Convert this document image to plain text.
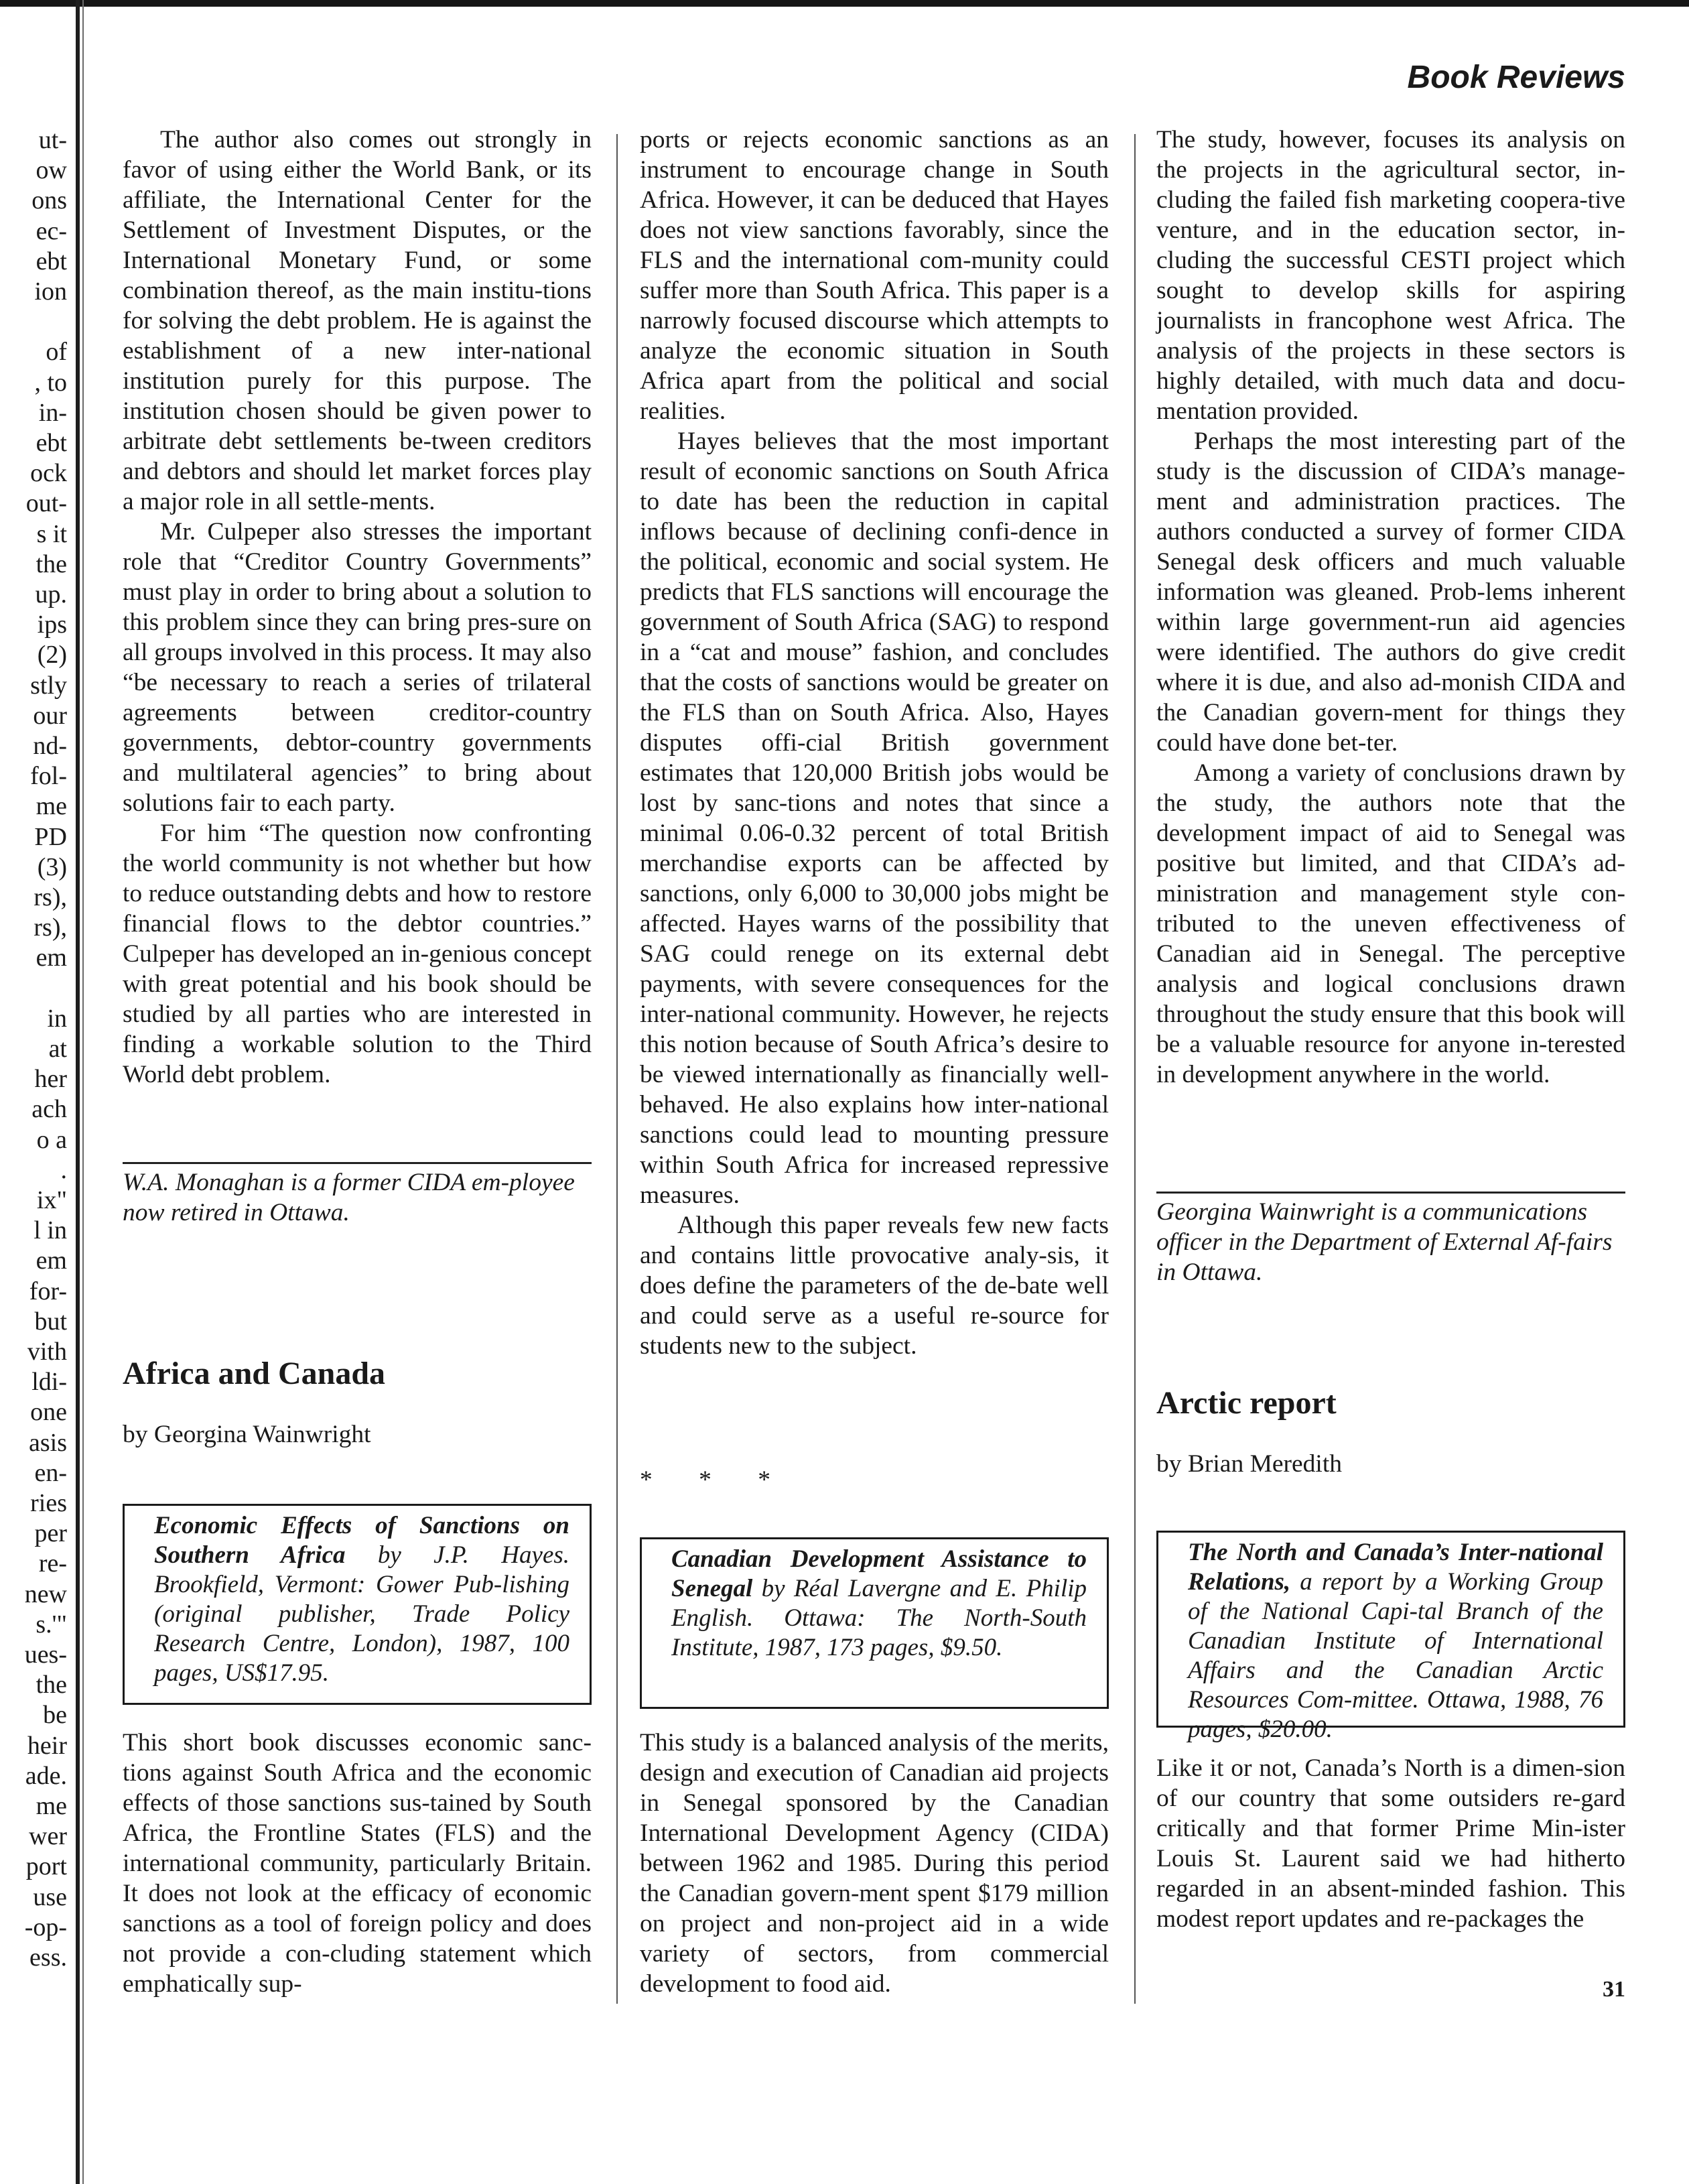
ut-

ow

ons

ec-

ebt

ion

of

, to

in-

ebt

ock

out-

s it

the

up.

ips

(2)

stly

our

nd-

fol-

me

PD

(3)

rs),

rs),

em

in

at

her

ach

o a

.

ix"

l in

em

for-

but

vith

ldi-

one

asis

en-

ries

per

re-

new

s.'"

ues-

the

be

heir

ade.

me

wer

port

use

-op-

ess.

Book Reviews

The author also comes out strongly in favor of using either the World Bank, or its affiliate, the International Center for the Settlement of Investment Disputes, or the International Monetary Fund, or some combination thereof, as the main institu-tions for solving the debt problem. He is against the establishment of a new inter-national institution purely for this purpose. The institution chosen should be given power to arbitrate debt settlements be-tween creditors and debtors and should let market forces play a major role in all settle-ments.

Mr. Culpeper also stresses the important role that “Creditor Country Governments” must play in order to bring about a solution to this problem since they can bring pres-sure on all groups involved in this process. It may also “be necessary to reach a series of trilateral agreements between creditor-country governments, debtor-country governments and multilateral agencies” to bring about solutions fair to each party.

For him “The question now confronting the world community is not whether but how to reduce outstanding debts and how to restore financial flows to the debtor countries.” Culpeper has developed an in-genious concept with great potential and his book should be studied by all parties who are interested in finding a workable solution to the Third World debt problem.

W.A. Monaghan is a former CIDA em-ployee now retired in Ottawa.

Africa and Canada

by Georgina Wainwright

Economic Effects of Sanctions on Southern Africa by J.P. Hayes. Brookfield, Vermont: Gower Pub-lishing (original publisher, Trade Policy Research Centre, London), 1987, 100 pages, US$17.95.

This short book discusses economic sanc-tions against South Africa and the economic effects of those sanctions sus-tained by South Africa, the Frontline States (FLS) and the international community, particularly Britain. It does not look at the efficacy of economic sanctions as a tool of foreign policy and does not provide a con-cluding statement which emphatically sup-

ports or rejects economic sanctions as an instrument to encourage change in South Africa. However, it can be deduced that Hayes does not view sanctions favorably, since the FLS and the international com-munity could suffer more than South Africa. This paper is a narrowly focused discourse which attempts to analyze the economic situation in South Africa apart from the political and social realities.

Hayes believes that the most important result of economic sanctions on South Africa to date has been the reduction in capital inflows because of declining confi-dence in the political, economic and social system. He predicts that FLS sanctions will encourage the government of South Africa (SAG) to respond in a “cat and mouse” fashion, and concludes that the costs of sanctions would be greater on the FLS than on South Africa. Also, Hayes disputes offi-cial British government estimates that 120,000 British jobs would be lost by sanc-tions and notes that since a minimal 0.06-0.32 percent of total British merchandise exports can be affected by sanctions, only 6,000 to 30,000 jobs might be affected. Hayes warns of the possibility that SAG could renege on its external debt payments, with severe consequences for the inter-national community. However, he rejects this notion because of South Africa’s desire to be viewed internationally as financially well-behaved. He also explains how inter-national sanctions could lead to mounting pressure within South Africa for increased repressive measures.

Although this paper reveals few new facts and contains little provocative analy-sis, it does define the parameters of the de-bate well and could serve as a useful re-source for students new to the subject.

* * *

Canadian Development Assistance to Senegal by Réal Lavergne and E. Philip English. Ottawa: The North-South Institute, 1987, 173 pages, $9.50.

This study is a balanced analysis of the merits, design and execution of Canadian aid projects in Senegal sponsored by the Canadian International Development Agency (CIDA) between 1962 and 1985. During this period the Canadian govern-ment spent $179 million on project and non-project aid in a wide variety of sectors, from commercial development to food aid.

The study, however, focuses its analysis on the projects in the agricultural sector, in-cluding the failed fish marketing coopera-tive venture, and in the education sector, in-cluding the successful CESTI project which sought to develop skills for aspiring journalists in francophone west Africa. The analysis of the projects in these sectors is highly detailed, with much data and docu-mentation provided.

Perhaps the most interesting part of the study is the discussion of CIDA’s manage-ment and administration practices. The authors conducted a survey of former CIDA Senegal desk officers and much valuable information was gleaned. Prob-lems inherent within large government-run aid agencies were identified. The authors do give credit where it is due, and also ad-monish CIDA and the Canadian govern-ment for things they could have done bet-ter.

Among a variety of conclusions drawn by the study, the authors note that the development impact of aid to Senegal was positive but limited, and that CIDA’s ad-ministration and management style con-tributed to the uneven effectiveness of Canadian aid in Senegal. The perceptive analysis and logical conclusions drawn throughout the study ensure that this book will be a valuable resource for anyone in-terested in development anywhere in the world.

Georgina Wainwright is a communications officer in the Department of External Af-fairs in Ottawa.

Arctic report

by Brian Meredith

The North and Canada’s Inter-national Relations, a report by a Working Group of the National Capi-tal Branch of the Canadian Institute of International Affairs and the Canadian Arctic Resources Com-mittee. Ottawa, 1988, 76 pages, $20.00.

Like it or not, Canada’s North is a dimen-sion of our country that some outsiders re-gard critically and that former Prime Min-ister Louis St. Laurent said we had hitherto regarded in an absent-minded fashion. This modest report updates and re-packages the

31
